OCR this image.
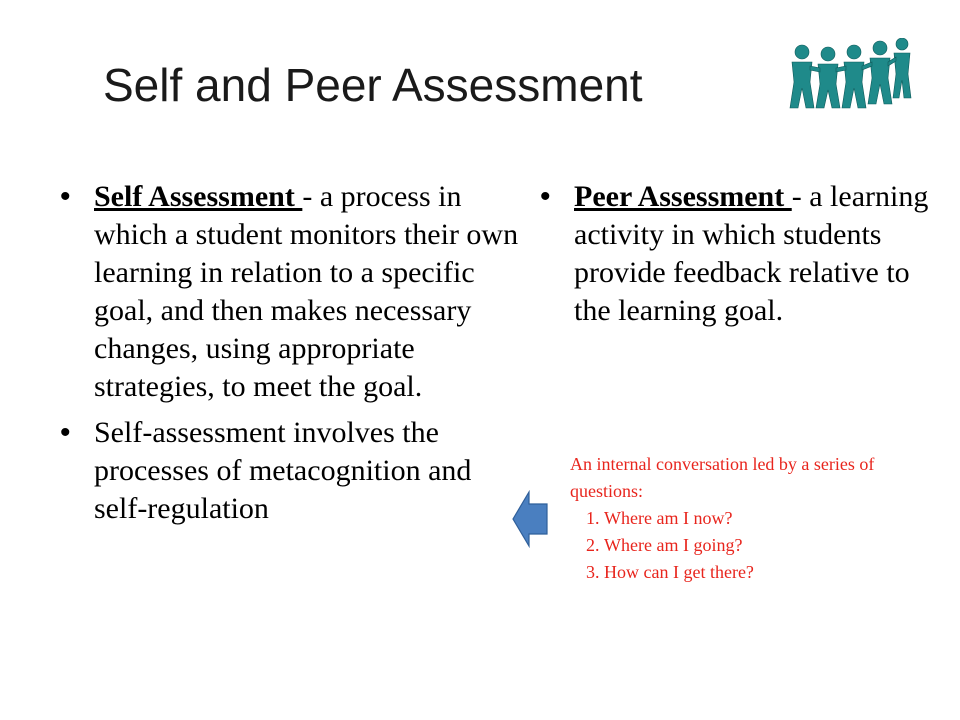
Self and Peer Assessment
• Self Assessment - a process in which a student monitors their own learning in relation to a specific goal, and then makes necessary changes, using appropriate strategies, to meet the goal.
• Self-assessment involves the processes of metacognition and self-regulation
• Peer Assessment - a learning activity in which students provide feedback relative to the learning goal.
An internal conversation led by a series of questions:
1. Where am I now?
2. Where am I going?
3. How can I get there?
